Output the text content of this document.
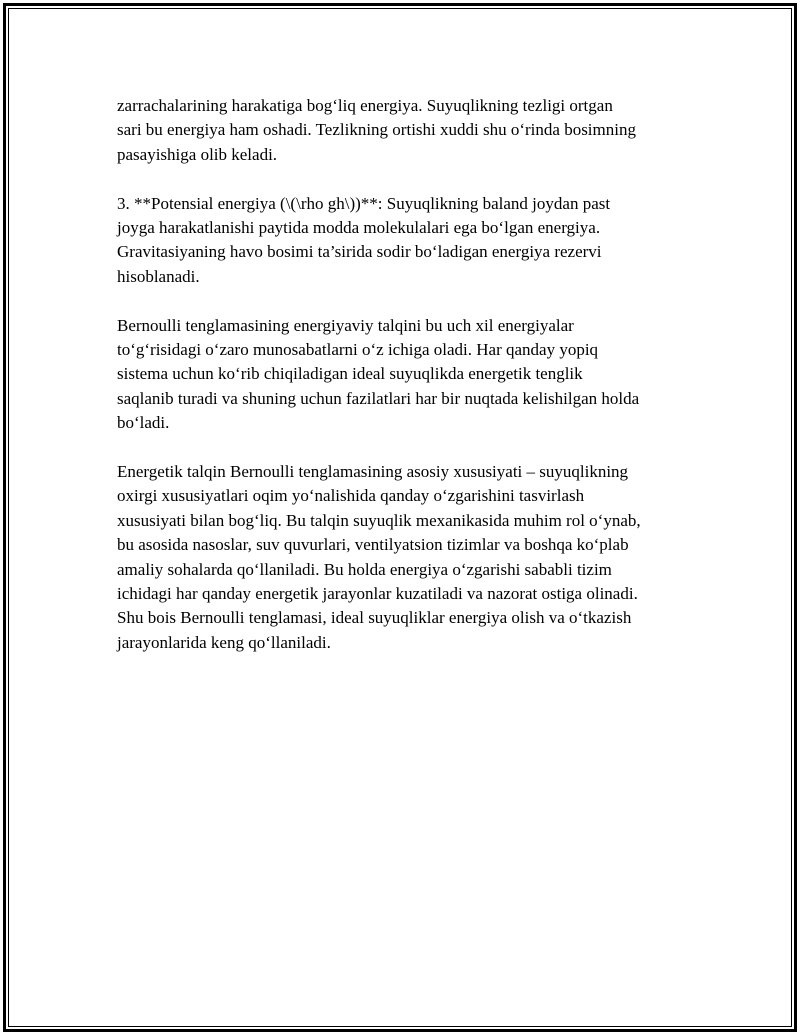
zarrachalarining harakatiga bog‘liq energiya. Suyuqlikning tezligi ortgan
sari bu energiya ham oshadi. Tezlikning ortishi xuddi shu o‘rinda bosimning
pasayishiga olib keladi.

3. **Potensial energiya (\(\rho gh\))**: Suyuqlikning baland joydan past
joyga harakatlanishi paytida modda molekulalari ega bo‘lgan energiya.
Gravitasiyaning havo bosimi ta’sirida sodir bo‘ladigan energiya rezervi
hisoblanadi.

Bernoulli tenglamasining energiyaviy talqini bu uch xil energiyalar
to‘g‘risidagi o‘zaro munosabatlarni o‘z ichiga oladi. Har qanday yopiq
sistema uchun ko‘rib chiqiladigan ideal suyuqlikda energetik tenglik
saqlanib turadi va shuning uchun fazilatlari har bir nuqtada kelishilgan holda
bo‘ladi.

Energetik talqin Bernoulli tenglamasining asosiy xususiyati – suyuqlikning
oxirgi xususiyatlari oqim yo‘nalishida qanday o‘zgarishini tasvirlash
xususiyati bilan bog‘liq. Bu talqin suyuqlik mexanikasida muhim rol o‘ynab,
bu asosida nasoslar, suv quvurlari, ventilyatsion tizimlar va boshqa ko‘plab
amaliy sohalarda qo‘llaniladi. Bu holda energiya o‘zgarishi sababli tizim
ichidagi har qanday energetik jarayonlar kuzatiladi va nazorat ostiga olinadi.
Shu bois Bernoulli tenglamasi, ideal suyuqliklar energiya olish va o‘tkazish
jarayonlarida keng qo‘llaniladi.
